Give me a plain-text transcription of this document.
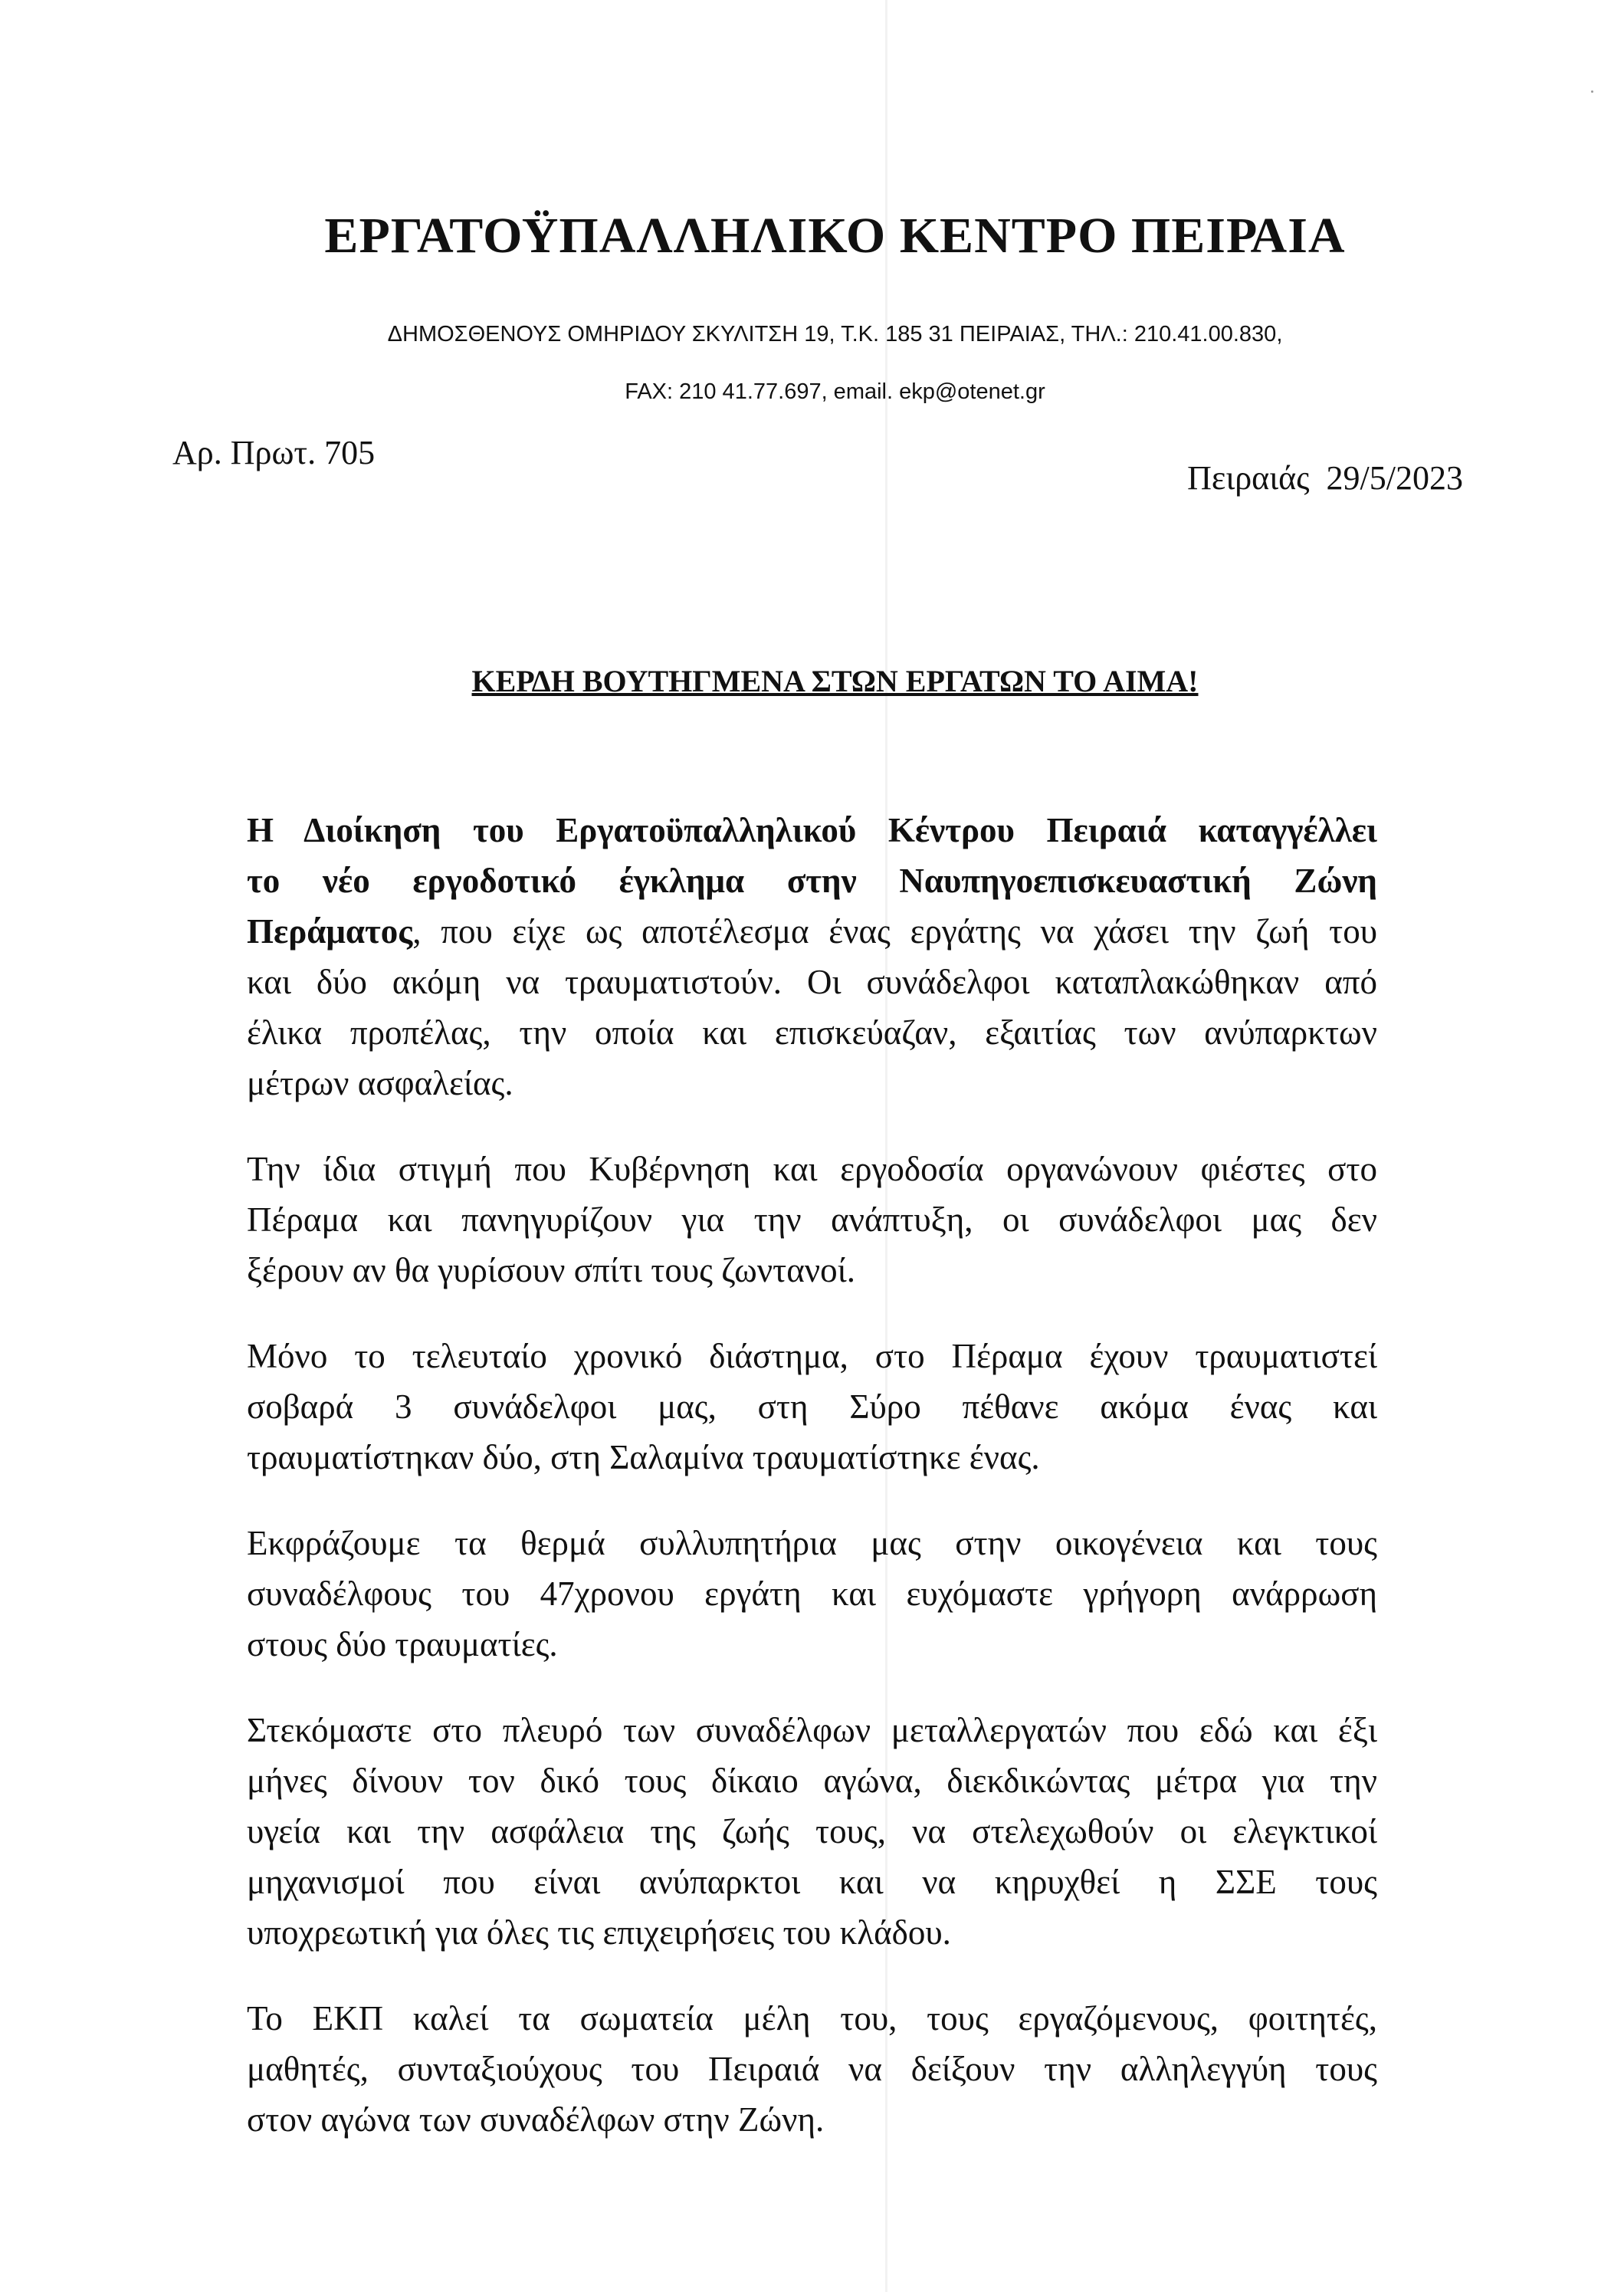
ΕΡΓΑΤΟΫΠΑΛΛΗΛΙΚΟ ΚΕΝΤΡΟ ΠΕΙΡΑΙΑ
ΔΗΜΟΣΘΕΝΟΥΣ ΟΜΗΡΙΔΟΥ ΣΚΥΛΙΤΣΗ 19, Τ.Κ. 185 31 ΠΕΙΡΑΙΑΣ, ΤΗΛ.: 210.41.00.830,
FAX: 210 41.77.697, email. ekp@otenet.gr
Αρ. Πρωτ. 705
Πειραιάς  29/5/2023
ΚΕΡΔΗ ΒΟΥΤΗΓΜΕΝΑ ΣΤΩΝ ΕΡΓΑΤΩΝ ΤΟ ΑΙΜΑ!
Η Διοίκηση του Εργατοϋπαλληλικού Κέντρου Πειραιά καταγγέλλει
το νέο εργοδοτικό έγκλημα στην Ναυπηγοεπισκευαστική Ζώνη
Περάματος, που είχε ως αποτέλεσμα ένας εργάτης να χάσει την ζωή του
και δύο ακόμη να τραυματιστούν. Οι συνάδελφοι καταπλακώθηκαν από
έλικα προπέλας, την οποία και επισκεύαζαν, εξαιτίας των ανύπαρκτων
μέτρων ασφαλείας.
Την ίδια στιγμή που Κυβέρνηση και εργοδοσία οργανώνουν φιέστες στο
Πέραμα και πανηγυρίζουν για την ανάπτυξη, οι συνάδελφοι μας δεν
ξέρουν αν θα γυρίσουν σπίτι τους ζωντανοί.
Μόνο το τελευταίο χρονικό διάστημα, στο Πέραμα έχουν τραυματιστεί
σοβαρά 3 συνάδελφοι μας, στη Σύρο πέθανε ακόμα ένας και
τραυματίστηκαν δύο, στη Σαλαμίνα τραυματίστηκε ένας.
Εκφράζουμε τα θερμά συλλυπητήρια μας στην οικογένεια και τους
συναδέλφους του 47χρονου εργάτη και ευχόμαστε γρήγορη ανάρρωση
στους δύο τραυματίες.
Στεκόμαστε στο πλευρό των συναδέλφων μεταλλεργατών που εδώ και έξι
μήνες δίνουν τον δικό τους δίκαιο αγώνα, διεκδικώντας μέτρα για την
υγεία και την ασφάλεια της ζωής τους, να στελεχωθούν οι ελεγκτικοί
μηχανισμοί που είναι ανύπαρκτοι και να κηρυχθεί η ΣΣΕ τους
υποχρεωτική για όλες τις επιχειρήσεις του κλάδου.
Το ΕΚΠ καλεί τα σωματεία μέλη του, τους εργαζόμενους, φοιτητές,
μαθητές, συνταξιούχους του Πειραιά να δείξουν την αλληλεγγύη τους
στον αγώνα των συναδέλφων στην Ζώνη.
